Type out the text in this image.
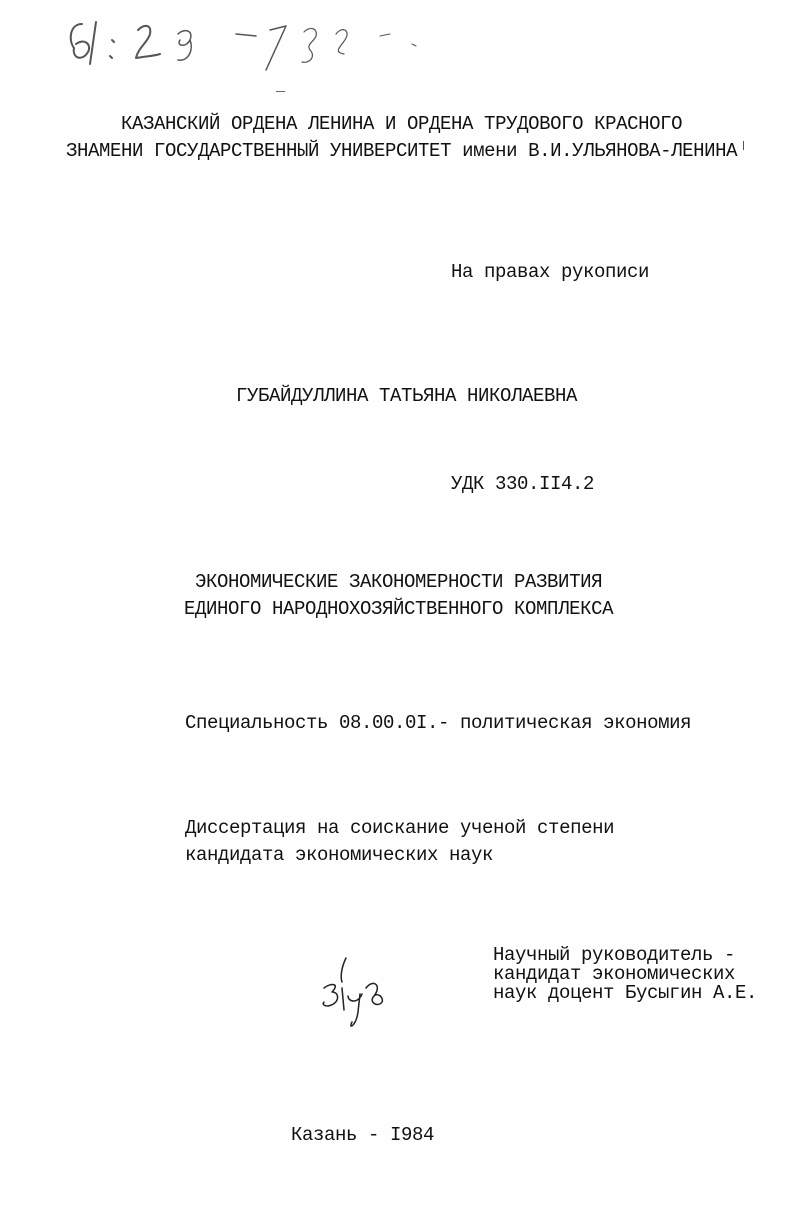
КАЗАНСКИЙ ОРДЕНА ЛЕНИНА И ОРДЕНА ТРУДОВОГО КРАСНОГО
ЗНАМЕНИ ГОСУДАРСТВЕННЫЙ УНИВЕРСИТЕТ имени В.И.УЛЬЯНОВА-ЛЕНИНА
На правах рукописи
ГУБАЙДУЛЛИНА ТАТЬЯНА НИКОЛАЕВНА
УДК 330.II4.2
ЭКОНОМИЧЕСКИЕ ЗАКОНОМЕРНОСТИ РАЗВИТИЯ
ЕДИНОГО НАРОДНОХОЗЯЙСТВЕННОГО КОМПЛЕКСА
Специальность 08.00.0I.- политическая экономия
Диссертация на соискание ученой степени
кандидата экономических наук
Научный руководитель -
кандидат экономических
наук доцент Бусыгин А.Е.
Казань - I984
